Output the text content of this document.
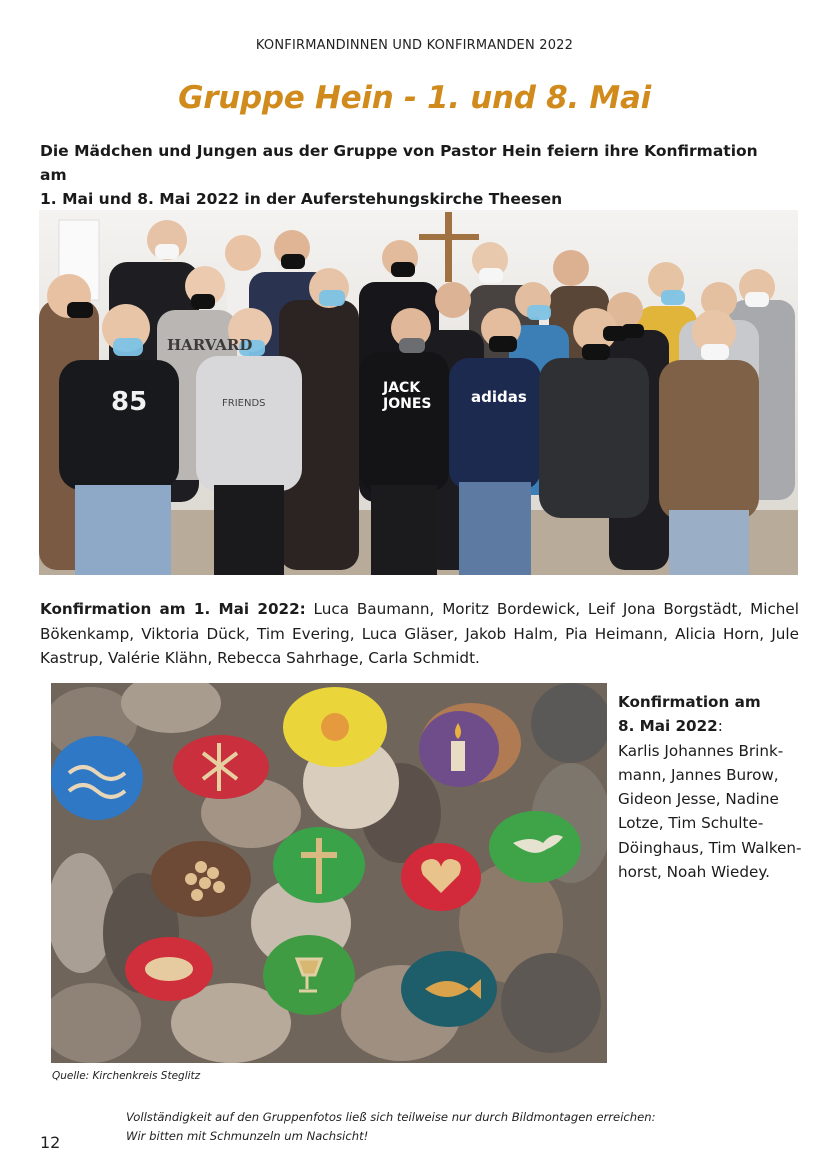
KONFIRMANDINNEN UND KONFIRMANDEN 2022
Gruppe Hein - 1. und 8. Mai
Die Mädchen und Jungen aus der Gruppe von Pastor Hein feiern ihre Konfirmation am
1. Mai und 8. Mai 2022 in der Auferstehungskirche Theesen
85
HARVARD
FRIENDS
JACK
JONES	adidas
Konfirmation am 1. Mai 2022: Luca Baumann, Moritz Bordewick, Leif Jona Borgstädt, Michel Bökenkamp, Viktoria Dück, Tim Evering, Luca Gläser, Jakob Halm, Pia Heimann, Alicia Horn, Jule Kastrup, Valérie Klähn, Rebecca Sahrhage, Carla Schmidt.
Konfirmation am
8. Mai 2022:
Karlis Johannes Brink-
mann, Jannes Burow,
Gideon Jesse, Nadine
Lotze, Tim Schulte-
Döinghaus, Tim Walken-
horst, Noah Wiedey.
Quelle: Kirchenkreis Steglitz
12
Vollständigkeit auf den Gruppenfotos ließ sich teilweise nur durch Bildmontagen erreichen:
Wir bitten mit Schmunzeln um Nachsicht!
